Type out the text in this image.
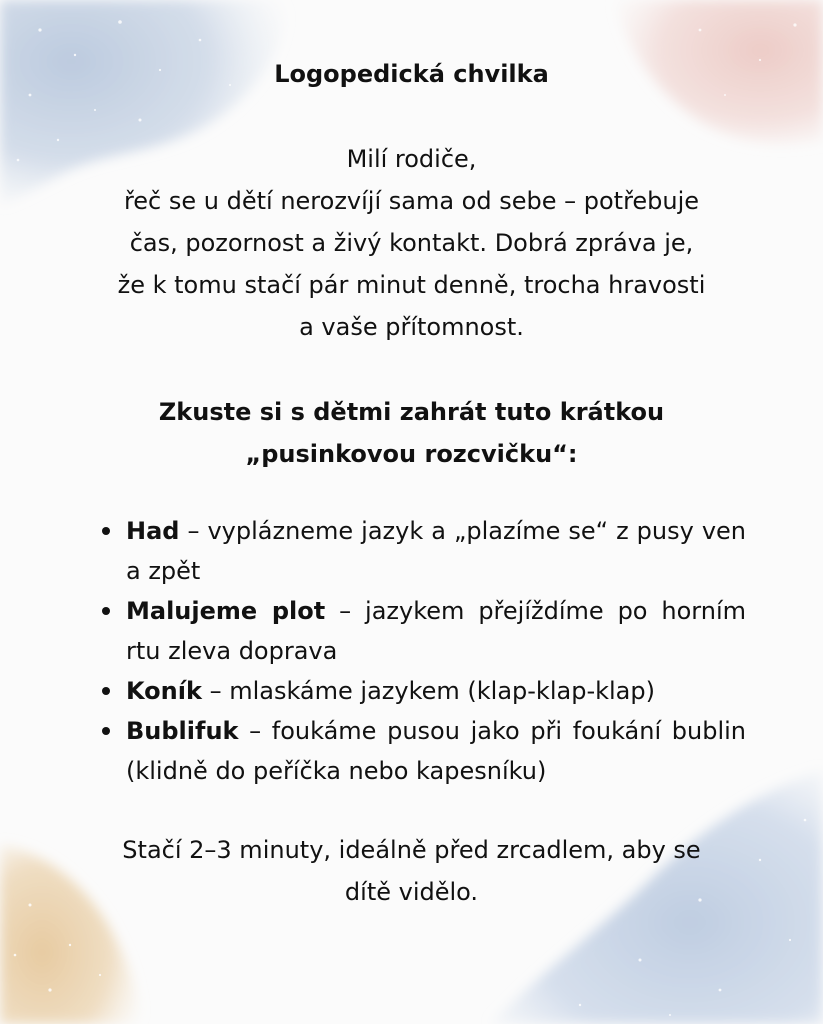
Logopedická chvilka
Milí rodiče,
řeč se u dětí nerozvíjí sama od sebe – potřebuje
čas, pozornost a živý kontakt. Dobrá zpráva je,
že k tomu stačí pár minut denně, trocha hravosti
a vaše přítomnost.
Zkuste si s dětmi zahrát tuto krátkou
„pusinkovou rozcvičku“:
Had – vyplázneme jazyk a „plazíme se“ z pusy ven a zpět
Malujeme plot – jazykem přejíždíme po horním rtu zleva doprava
Koník – mlaskáme jazykem (klap-klap-klap)
Bublifuk – foukáme pusou jako při foukání bublin (klidně do peříčka nebo kapesníku)
Stačí 2–3 minuty, ideálně před zrcadlem, aby se
dítě vidělo.
